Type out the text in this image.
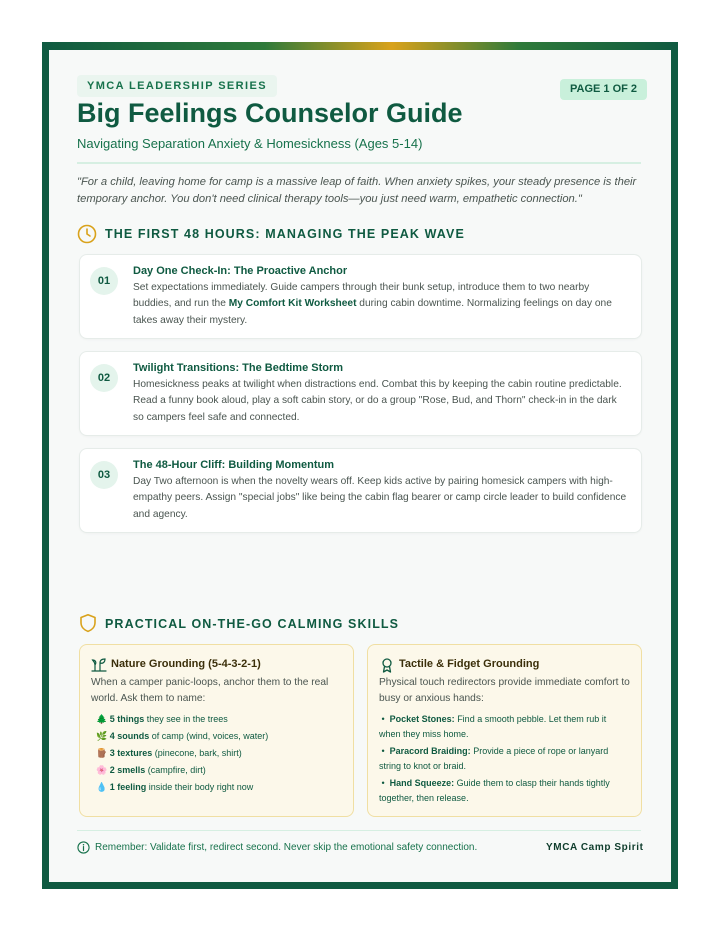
YMCA LEADERSHIP SERIES	PAGE 1 OF 2
Big Feelings Counselor Guide
Navigating Separation Anxiety & Homesickness (Ages 5-14)
"For a child, leaving home for camp is a massive leap of faith. When anxiety spikes, your steady presence is their temporary anchor. You don't need clinical therapy tools—you just need warm, empathetic connection."
THE FIRST 48 HOURS: MANAGING THE PEAK WAVE
01
Day One Check-In: The Proactive Anchor
Set expectations immediately. Guide campers through their bunk setup, introduce them to two nearby buddies, and run the My Comfort Kit Worksheet during cabin downtime. Normalizing feelings on day one takes away their mystery.
02
Twilight Transitions: The Bedtime Storm
Homesickness peaks at twilight when distractions end. Combat this by keeping the cabin routine predictable. Read a funny book aloud, play a soft cabin story, or do a group "Rose, Bud, and Thorn" check-in in the dark so campers feel safe and connected.
03
The 48-Hour Cliff: Building Momentum
Day Two afternoon is when the novelty wears off. Keep kids active by pairing homesick campers with high-empathy peers. Assign "special jobs" like being the cabin flag bearer or camp circle leader to build confidence and agency.
PRACTICAL ON-THE-GO CALMING SKILLS
Nature Grounding (5-4-3-2-1)
When a camper panic-loops, anchor them to the real world. Ask them to name:
🌲 5 things they see in the trees
🌿 4 sounds of camp (wind, voices, water)
🪵 3 textures (pinecone, bark, shirt)
🌸 2 smells (campfire, dirt)
💧 1 feeling inside their body right now
Tactile & Fidget Grounding
Physical touch redirectors provide immediate comfort to busy or anxious hands:
•  Pocket Stones: Find a smooth pebble. Let them rub it when they miss home.
•  Paracord Braiding: Provide a piece of rope or lanyard string to knot or braid.
•  Hand Squeeze: Guide them to clasp their hands tightly together, then release.
Remember: Validate first, redirect second. Never skip the emotional safety connection.	YMCA Camp Spirit
